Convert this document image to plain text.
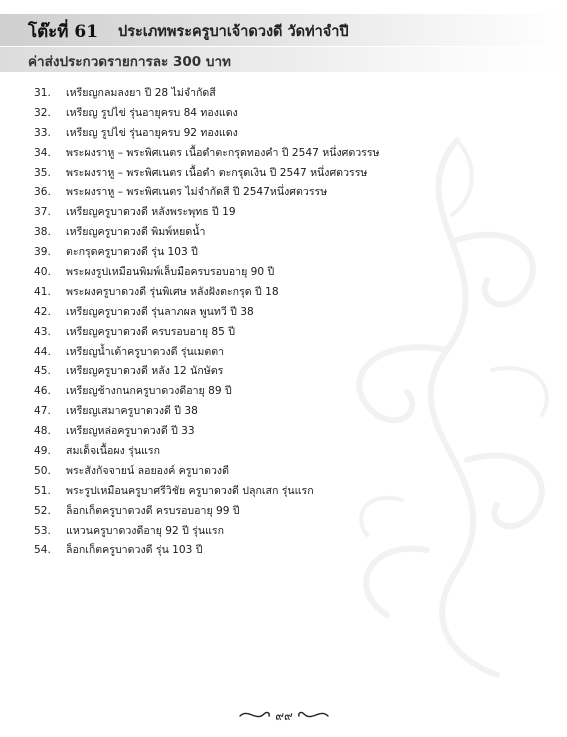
โต๊ะที่ 61 ประเภทพระครูบาเจ้าดวงดี วัดท่าจำปี
ค่าส่งประกวดรายการละ 300 บาท
31. เหรียญกลมลงยา ปี 28 ไม่จำกัดสี
32. เหรียญ รูปไข่ รุ่นอายุครบ 84 ทองแดง
33. เหรียญ รูปไข่ รุ่นอายุครบ 92 ทองแดง
34. พระผงราหู – พระพิศเนตร เนื้อดำตะกรุดทองคำ ปี 2547 หนึ่งศตวรรษ
35. พระผงราหู – พระพิศเนตร เนื้อดำ ตะกรุดเงิน ปี 2547 หนึ่งศตวรรษ
36. พระผงราหู – พระพิศเนตร ไม่จำกัดสี ปี 2547หนึ่งศตวรรษ
37. เหรียญครูบาดวงดี หลังพระพุทธ ปี 19
38. เหรียญครูบาดวงดี พิมพ์หยดน้ำ
39. ตะกรุดครูบาดวงดี รุ่น 103 ปี
40. พระผงรูปเหมือนพิมพ์เล็บมือครบรอบอายุ 90 ปี
41. พระผงครูบาดวงดี รุ่นพิเศษ หลังฝังตะกรุด ปี 18
42. เหรียญครูบาดวงดี รุ่นลาภผล พูนทวี ปี 38
43. เหรียญครูบาดวงดี ครบรอบอายุ 85 ปี
44. เหรียญน้ำเต้าครูบาดวงดี รุ่นเมตตา
45. เหรียญครูบาดวงดี หลัง 12 นักษัตร
46. เหรียญช้างกนกครูบาดวงดีอายุ 89 ปี
47. เหรียญเสมาครูบาดวงดี ปี 38
48. เหรียญหล่อครูบาดวงดี ปี 33
49. สมเด็จเนื้อผง รุ่นแรก
50. พระสังกัจจายน์ ลอยองค์ ครูบาดวงดี
51. พระรูปเหมือนครูบาศรีวิชัย ครูบาดวงดี ปลุกเสก รุ่นแรก
52. ล็อกเก็ตครูบาดวงดี ครบรอบอายุ 99 ปี
53. แหวนครูบาดวงดีอายุ 92 ปี รุ่นแรก
54. ล็อกเก็ตครูบาดวงดี รุ่น 103 ปี
๙๙
